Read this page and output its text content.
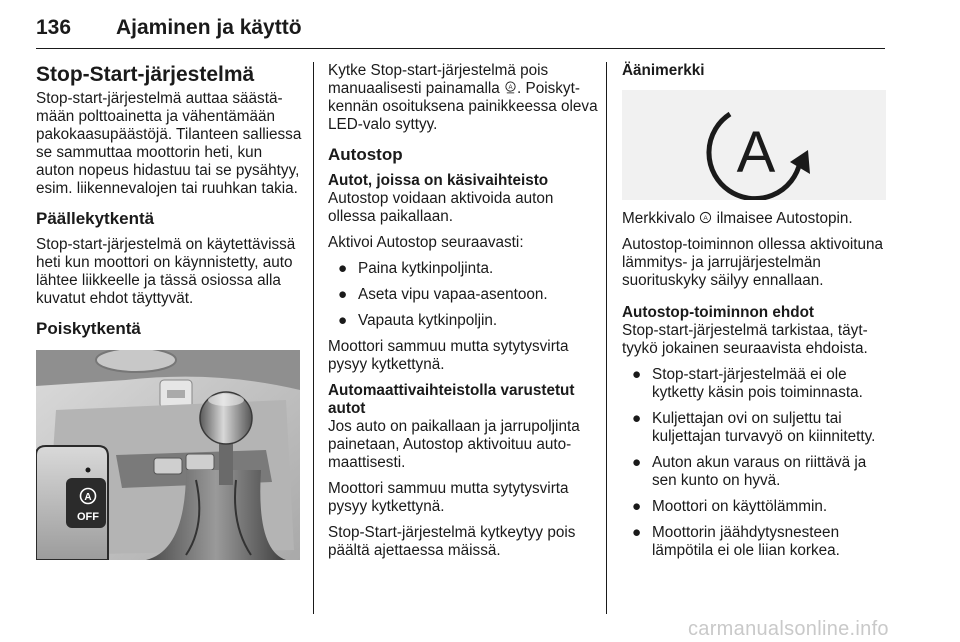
136 Ajaminen ja käyttö
Stop-Start-järjestelmä

Stop-start-järjestelmä auttaa säästämään polttoainetta ja vähentämään pakokaasupäästöjä. Tilanteen salliessa se sammuttaa moottorin heti, kun auton nopeus hidastuu tai se pysähtyy, esim. liikennevalojen tai ruuhkan takia.

Päällekytkentä

Stop-start-järjestelmä on käytettävissä heti kun moottori on käynnistetty, auto lähtee liikkeelle ja tässä osiossa alla kuvatut ehdot täyttyvät.

Poiskytkentä
A
OFF

Kytke Stop-start-järjestelmä pois manuaalisesti painamalla A . Poiskytkennän osoituksena painikkeessa oleva LED-valo syttyy.

Autostop
Autot, joissa on käsivaihteisto

Autostop voidaan aktivoida auton ollessa paikallaan.

Aktivoi Autostop seuraavasti:

● Paina kytkinpoljinta.
● Aseta vipu vapaa-asentoon.
● Vapauta kytkinpoljin.

Moottori sammuu mutta sytytysvirta pysyy kytkettynä.

Automaattivaihteistolla varustetut autot

Jos auto on paikallaan ja jarrupoljinta painetaan, Autostop aktivoituu automaattisesti.

Moottori sammuu mutta sytytysvirta pysyy kytkettynä.

Stop-Start-järjestelmä kytkeytyy pois päältä ajettaessa mäissä.

Äänimerkki
A

Merkkivalo A ilmaisee Autostopin.

Autostop-toiminnon ollessa aktivoituna lämmitys- ja jarrujärjestelmän suorituskyky säilyy ennallaan.

Autostop-toiminnon ehdot

Stop-start-järjestelmä tarkistaa, täyttyykö jokainen seuraavista ehdoista.

● Stop-start-järjestelmää ei ole kytketty käsin pois toiminnasta.
● Kuljettajan ovi on suljettu tai kuljettajan turvavyö on kiinnitetty.
● Auton akun varaus on riittävä ja sen kunto on hyvä.
● Moottori on käyttölämmin.
● Moottorin jäähdytysnesteen lämpötila ei ole liian korkea.
carmanualsonline.info
